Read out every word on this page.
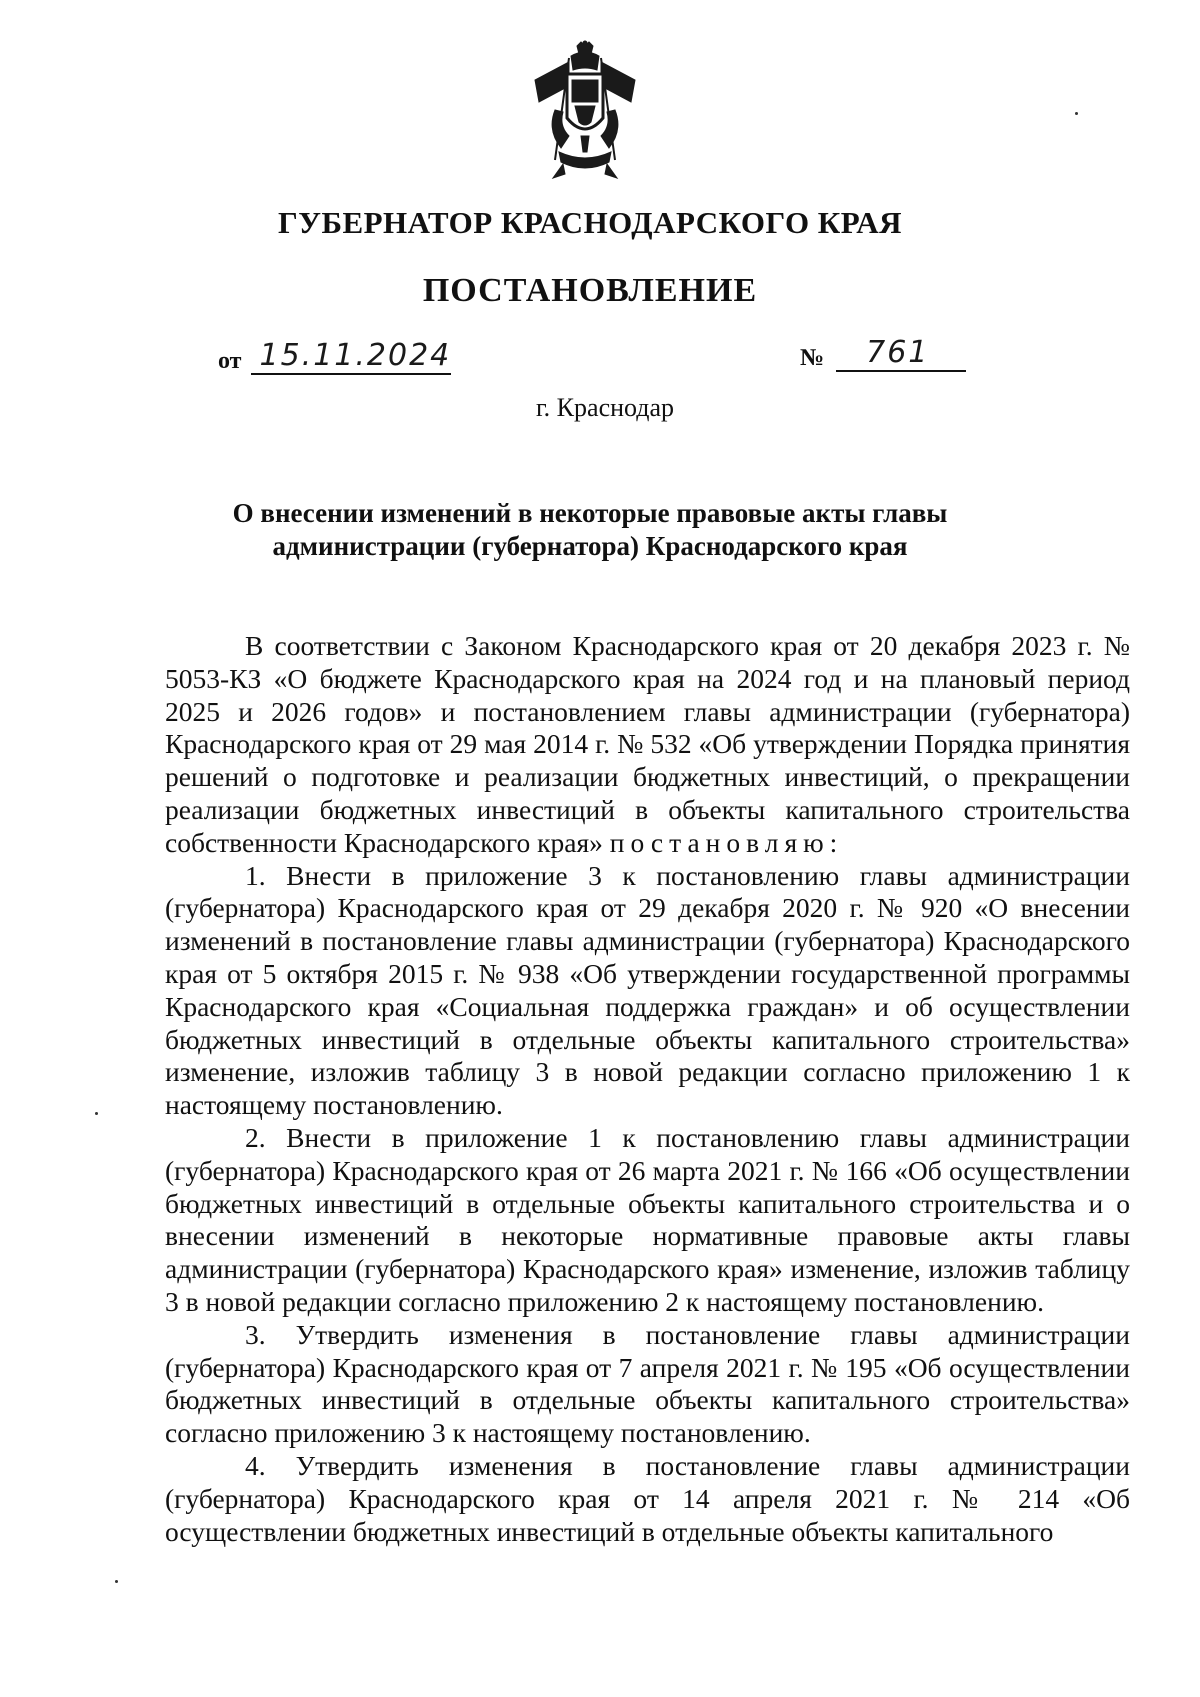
ГУБЕРНАТОР КРАСНОДАРСКОГО КРАЯ
ПОСТАНОВЛЕНИЕ
от 15.11.2024	№ 761
г. Краснодар
О внесении изменений в некоторые правовые акты главы
администрации (губернатора) Краснодарского края

В соответствии с Законом Краснодарского края от 20 декабря 2023 г. № 5053-КЗ «О бюджете Краснодарского края на 2024 год и на плановый период 2025 и 2026 годов» и постановлением главы администрации (губернатора) Краснодарского края от 29 мая 2014 г. № 532 «Об утверждении Порядка принятия решений о подготовке и реализации бюджетных инвестиций, о прекращении реализации бюджетных инвестиций в объекты капитального строительства собственности Краснодарского края» постановляю:

1. Внести в приложение 3 к постановлению главы администрации (губернатора) Краснодарского края от 29 декабря 2020 г. № 920 «О внесении изменений в постановление главы администрации (губернатора) Краснодарского края от 5 октября 2015 г. № 938 «Об утверждении государственной программы Краснодарского края «Социальная поддержка граждан» и об осуществлении бюджетных инвестиций в отдельные объекты капитального строительства» изменение, изложив таблицу 3 в новой редакции согласно приложению 1 к настоящему постановлению.

2. Внести в приложение 1 к постановлению главы администрации (губернатора) Краснодарского края от 26 марта 2021 г. № 166 «Об осуществлении бюджетных инвестиций в отдельные объекты капитального строительства и о внесении изменений в некоторые нормативные правовые акты главы администрации (губернатора) Краснодарского края» изменение, изложив таблицу 3 в новой редакции согласно приложению 2 к настоящему постановлению.

3. Утвердить изменения в постановление главы администрации (губернатора) Краснодарского края от 7 апреля 2021 г. № 195 «Об осуществлении бюджетных инвестиций в отдельные объекты капитального строительства» согласно приложению 3 к настоящему постановлению.

4. Утвердить изменения в постановление главы администрации (губернатора) Краснодарского края от 14 апреля 2021 г. № 214 «Об осуществлении бюджетных инвестиций в отдельные объекты капитального
